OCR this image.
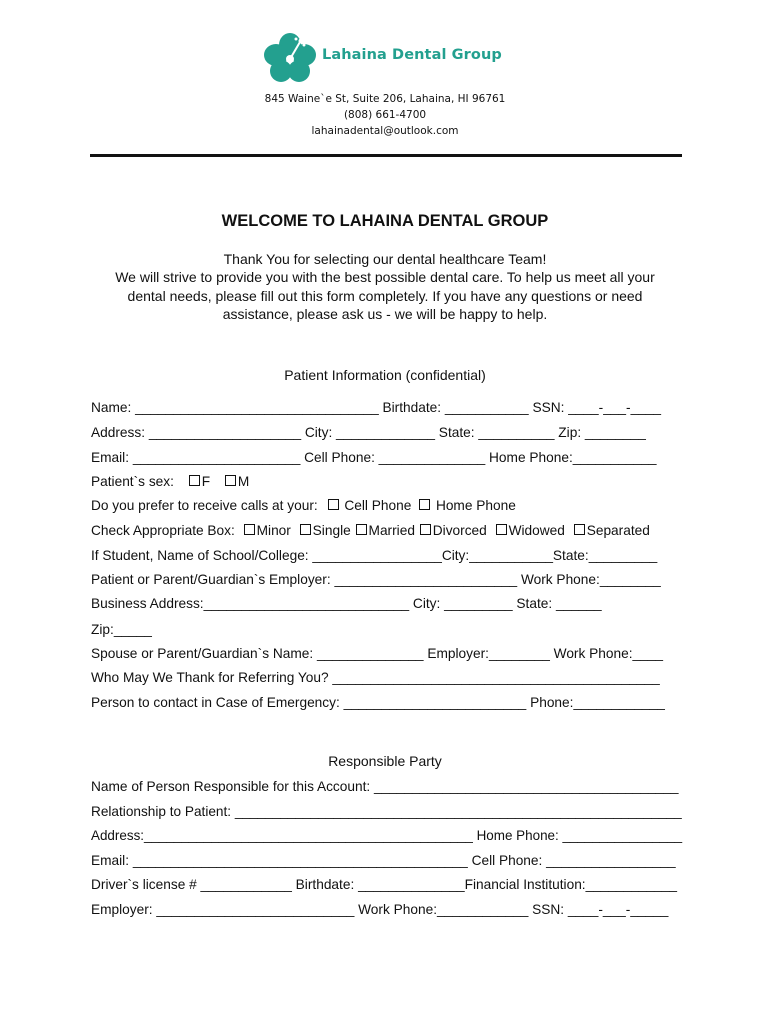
Lahaina Dental Group
845 Waine`e St, Suite 206, Lahaina, HI 96761
(808) 661-4700
lahainadental@outlook.com
WELCOME TO LAHAINA DENTAL GROUP
Thank You for selecting our dental healthcare Team!
We will strive to provide you with the best possible dental care. To help us meet all your
dental needs, please fill out this form completely. If you have any questions or need
assistance, please ask us - we will be happy to help.
Patient Information (confidential)
Name: ________________________________ Birthdate: ___________ SSN: ____-___-____
Address: ____________________ City: _____________ State: __________ Zip: ________
Email: ______________________ Cell Phone: ______________ Home Phone:___________
Patient`s sex: F M
Do you prefer to receive calls at your: Cell Phone Home Phone
Check Appropriate Box: Minor Single Married Divorced Widowed Separated
If Student, Name of School/College: _________________City:___________State:_________
Patient or Parent/Guardian`s Employer: ________________________ Work Phone:________
Business Address:___________________________ City: _________ State: ______
Zip:_____
Spouse or Parent/Guardian`s Name: ______________ Employer:________ Work Phone:____
Who May We Thank for Referring You? ___________________________________________
Person to contact in Case of Emergency: ________________________ Phone:____________
Responsible Party
Name of Person Responsible for this Account: ________________________________________
Relationship to Patient: ___________________________________________________________
Address:____________________________________________ Home Phone: ________________
Email: ____________________________________________ Cell Phone: _________________
Driver`s license # ____________ Birthdate: ______________Financial Institution:____________
Employer: __________________________ Work Phone:____________ SSN: ____-___-_____
